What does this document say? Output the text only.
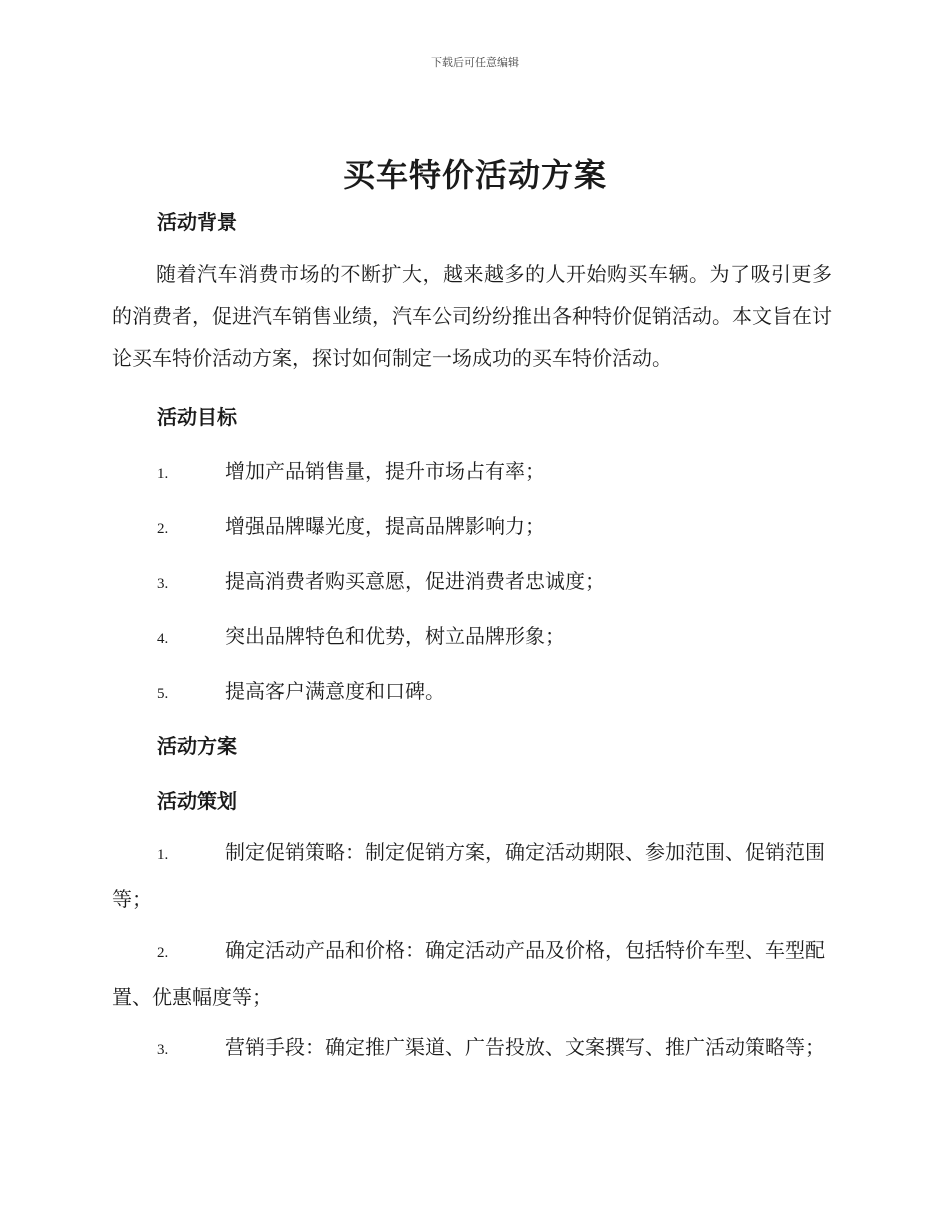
下载后可任意编辑
买车特价活动方案
活动背景

随着汽车消费市场的不断扩大，越来越多的人开始购买车辆。为了吸引更多的消费者，促进汽车销售业绩，汽车公司纷纷推出各种特价促销活动。本文旨在讨论买车特价活动方案，探讨如何制定一场成功的买车特价活动。

活动目标
1.	增加产品销售量，提升市场占有率；
2.	增强品牌曝光度，提高品牌影响力；
3.	提高消费者购买意愿，促进消费者忠诚度；
4.	突出品牌特色和优势，树立品牌形象；
5.	提高客户满意度和口碑。
活动方案
活动策划

1.	制定促销策略：制定促销方案，确定活动期限、参加范围、促销范围等；

2.	确定活动产品和价格：确定活动产品及价格，包括特价车型、车型配置、优惠幅度等；

3.	营销手段：确定推广渠道、广告投放、文案撰写、推广活动策略等；
